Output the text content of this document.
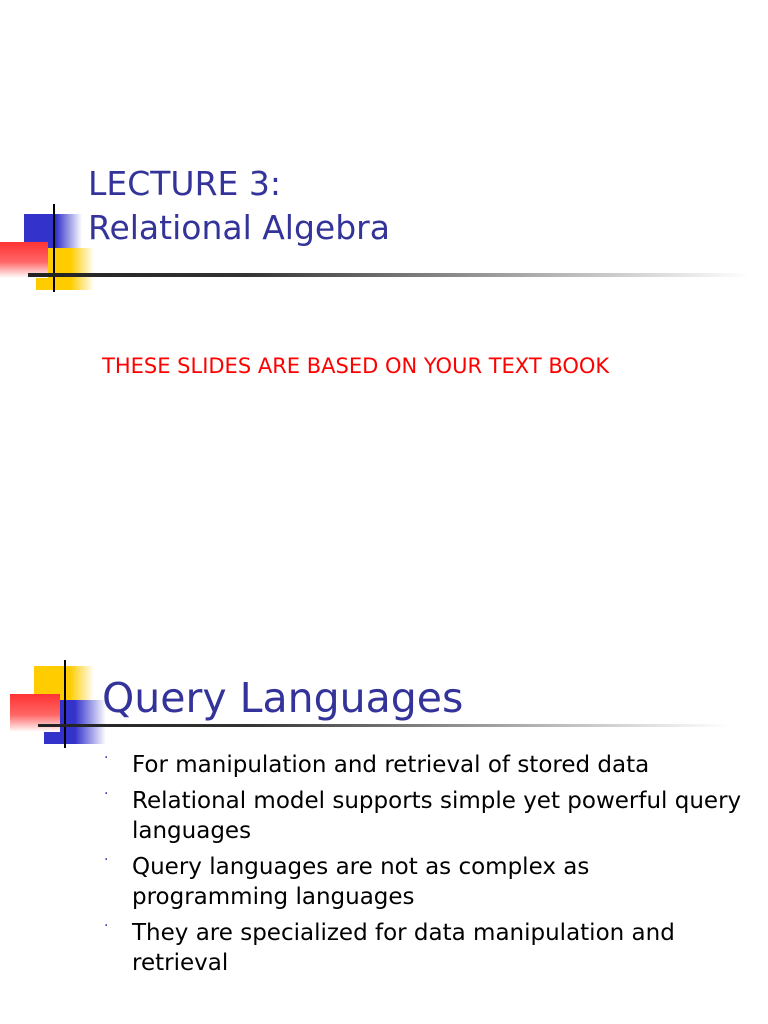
LECTURE 3:
Relational Algebra
THESE SLIDES ARE BASED ON YOUR TEXT BOOK
Query Languages
· For manipulation and retrieval of stored data
· Relational model supports simple yet powerful query languages
· Query languages are not as complex as programming languages
· They are specialized for data manipulation and retrieval
